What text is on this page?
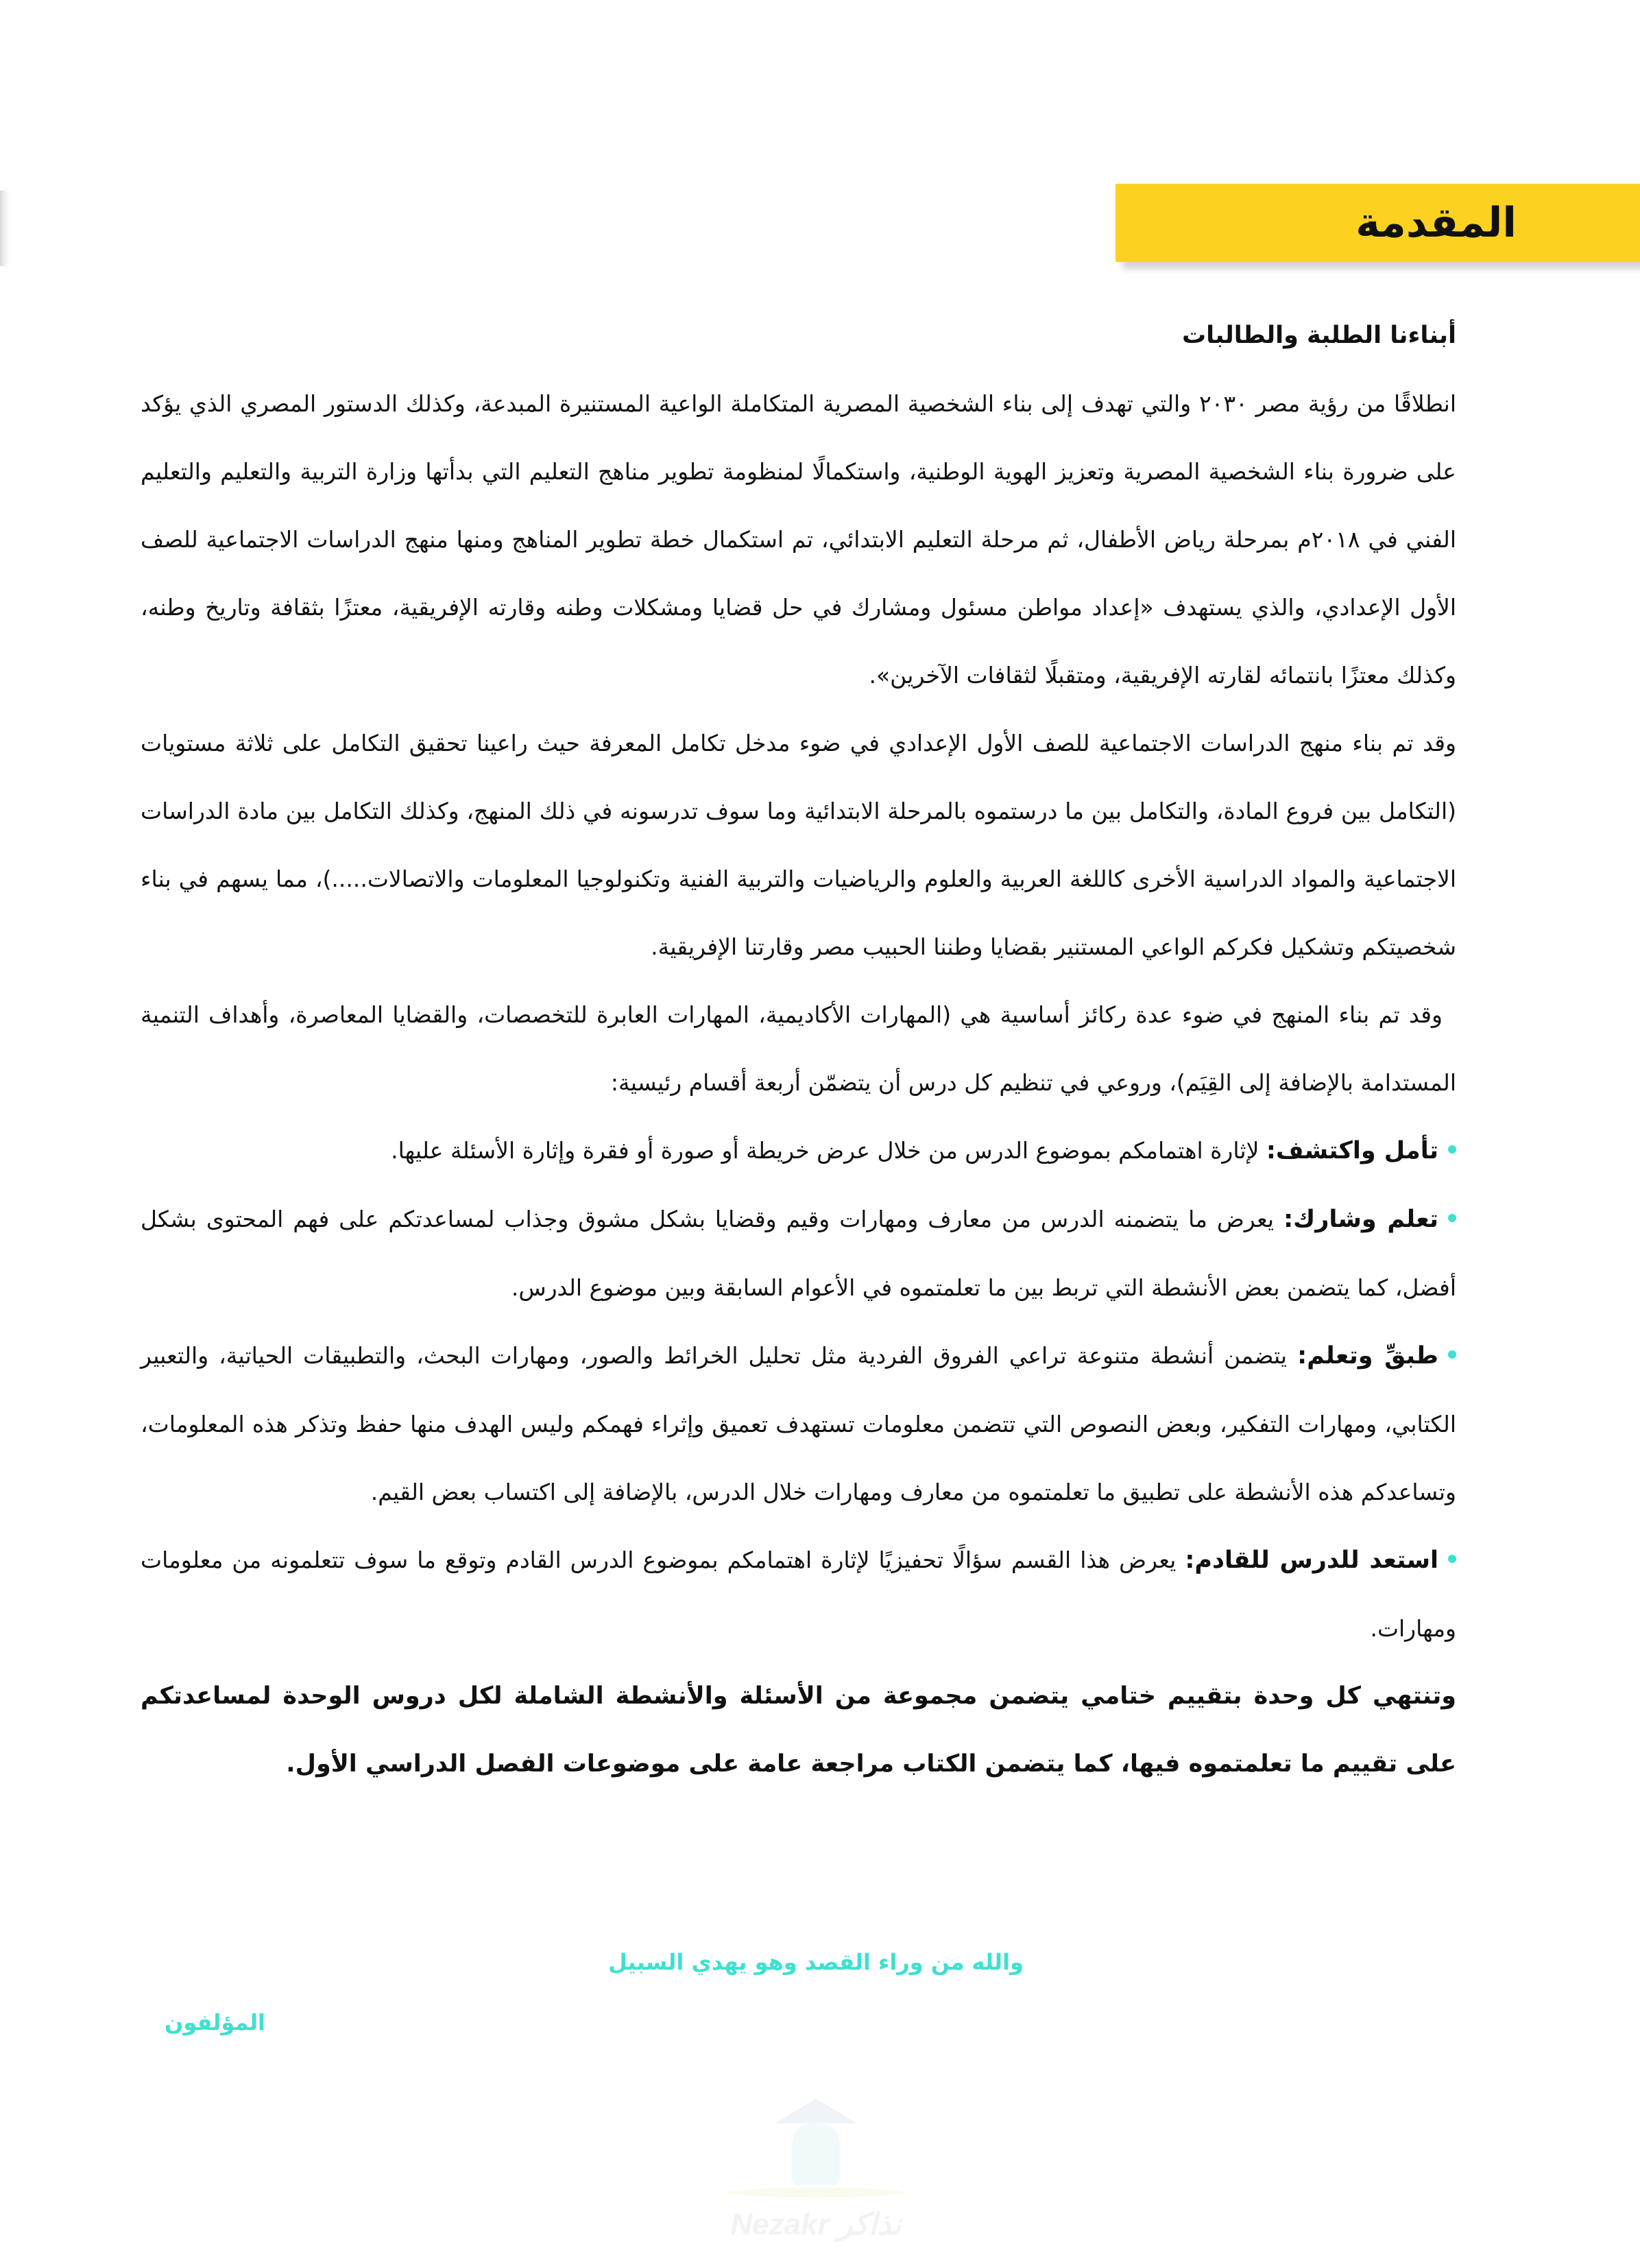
المقدمة

أبناءنا الطلبة والطالبات

انطلاقًا من رؤية مصر ٢٠٣٠ والتي تهدف إلى بناء الشخصية المصرية المتكاملة الواعية المستنيرة المبدعة، وكذلك الدستور المصري الذي يؤكد على ضرورة بناء الشخصية المصرية وتعزيز الهوية الوطنية، واستكمالًا لمنظومة تطوير مناهج التعليم التي بدأتها وزارة التربية والتعليم والتعليم الفني في ٢٠١٨م بمرحلة رياض الأطفال، ثم مرحلة التعليم الابتدائي، تم استكمال خطة تطوير المناهج ومنها منهج الدراسات الاجتماعية للصف الأول الإعدادي، والذي يستهدف «إعداد مواطن مسئول ومشارك في حل قضايا ومشكلات وطنه وقارته الإفريقية، معتزًا بثقافة وتاريخ وطنه، وكذلك معتزًا بانتمائه لقارته الإفريقية، ومتقبلًا لثقافات الآخرين».

وقد تم بناء منهج الدراسات الاجتماعية للصف الأول الإعدادي في ضوء مدخل تكامل المعرفة حيث راعينا تحقيق التكامل على ثلاثة مستويات (التكامل بين فروع المادة، والتكامل بين ما درستموه بالمرحلة الابتدائية وما سوف تدرسونه في ذلك المنهج، وكذلك التكامل بين مادة الدراسات الاجتماعية والمواد الدراسية الأخرى كاللغة العربية والعلوم والرياضيات والتربية الفنية وتكنولوجيا المعلومات والاتصالات.....)، مما يسهم في بناء شخصيتكم وتشكيل فكركم الواعي المستنير بقضايا وطننا الحبيب مصر وقارتنا الإفريقية.

وقد تم بناء المنهج في ضوء عدة ركائز أساسية هي (المهارات الأكاديمية، المهارات العابرة للتخصصات، والقضايا المعاصرة، وأهداف التنمية المستدامة بالإضافة إلى القِيَم)، وروعي في تنظيم كل درس أن يتضمّن أربعة أقسام رئيسية:

تأمل واكتشف: لإثارة اهتمامكم بموضوع الدرس من خلال عرض خريطة أو صورة أو فقرة وإثارة الأسئلة عليها.
تعلم وشارك: يعرض ما يتضمنه الدرس من معارف ومهارات وقيم وقضايا بشكل مشوق وجذاب لمساعدتكم على فهم المحتوى بشكل أفضل، كما يتضمن بعض الأنشطة التي تربط بين ما تعلمتموه في الأعوام السابقة وبين موضوع الدرس.
طبقِّ وتعلم: يتضمن أنشطة متنوعة تراعي الفروق الفردية مثل تحليل الخرائط والصور، ومهارات البحث، والتطبيقات الحياتية، والتعبير الكتابي، ومهارات التفكير، وبعض النصوص التي تتضمن معلومات تستهدف تعميق وإثراء فهمكم وليس الهدف منها حفظ وتذكر هذه المعلومات، وتساعدكم هذه الأنشطة على تطبيق ما تعلمتموه من معارف ومهارات خلال الدرس، بالإضافة إلى اكتساب بعض القيم.
استعد للدرس للقادم: يعرض هذا القسم سؤالًا تحفيزيًا لإثارة اهتمامكم بموضوع الدرس القادم وتوقع ما سوف تتعلمونه من معلومات ومهارات.

وتنتهي كل وحدة بتقييم ختامي يتضمن مجموعة من الأسئلة والأنشطة الشاملة لكل دروس الوحدة لمساعدتكم على تقييم ما تعلمتموه فيها، كما يتضمن الكتاب مراجعة عامة على موضوعات الفصل الدراسي الأول.

والله من وراء القصد وهو يهدي السبيل
المؤلفون
Nezakr نذاكر
